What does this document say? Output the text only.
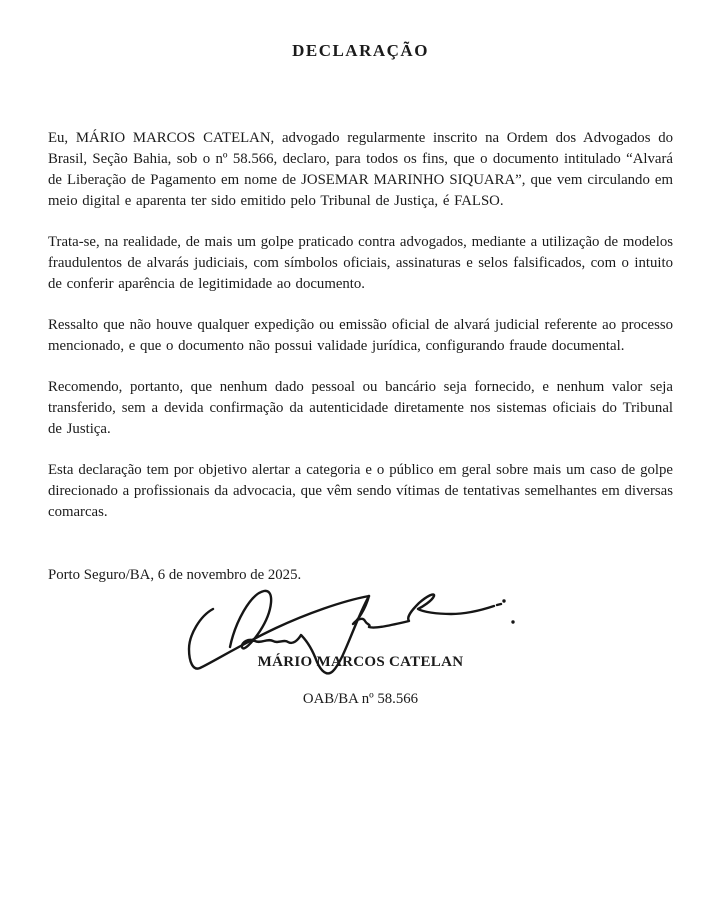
DECLARAÇÃO

Eu, MÁRIO MARCOS CATELAN, advogado regularmente inscrito na Ordem dos Advogados do Brasil, Seção Bahia, sob o nº 58.566, declaro, para todos os fins, que o documento intitulado “Alvará de Liberação de Pagamento em nome de JOSEMAR MARINHO SIQUARA”, que vem circulando em meio digital e aparenta ter sido emitido pelo Tribunal de Justiça, é FALSO.

Trata-se, na realidade, de mais um golpe praticado contra advogados, mediante a utilização de modelos fraudulentos de alvarás judiciais, com símbolos oficiais, assinaturas e selos falsificados, com o intuito de conferir aparência de legitimidade ao documento.

Ressalto que não houve qualquer expedição ou emissão oficial de alvará judicial referente ao processo mencionado, e que o documento não possui validade jurídica, configurando fraude documental.

Recomendo, portanto, que nenhum dado pessoal ou bancário seja fornecido, e nenhum valor seja transferido, sem a devida confirmação da autenticidade diretamente nos sistemas oficiais do Tribunal de Justiça.

Esta declaração tem por objetivo alertar a categoria e o público em geral sobre mais um caso de golpe direcionado a profissionais da advocacia, que vêm sendo vítimas de tentativas semelhantes em diversas comarcas.

Porto Seguro/BA, 6 de novembro de 2025.
MÁRIO MARCOS CATELAN
OAB/BA nº 58.566
